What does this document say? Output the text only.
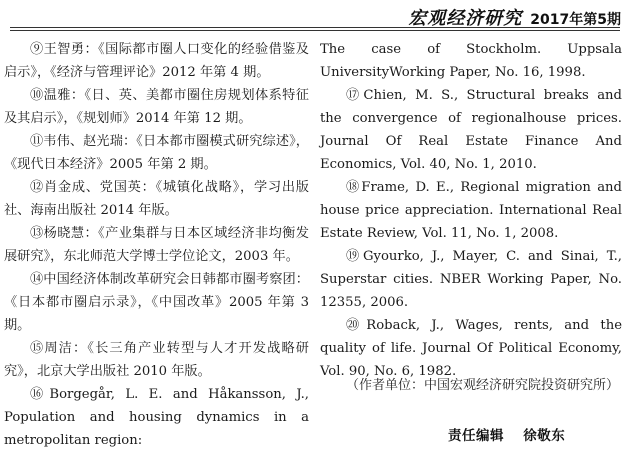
宏观经济研究 2017年第5期

⑨王智勇：《国际都市圈人口变化的经验借鉴及启示》，《经济与管理评论》2012 年第 4 期。

⑩温雅：《日、英、美都市圈住房规划体系特征及其启示》，《规划师》2014 年第 12 期。

⑪韦伟、赵光瑞：《日本都市圈模式研究综述》，《现代日本经济》2005 年第 2 期。

⑫肖金成、党国英：《城镇化战略》，学习出版社、海南出版社 2014 年版。

⑬杨晓慧：《产业集群与日本区域经济非均衡发展研究》，东北师范大学博士学位论文，2003 年。

⑭中国经济体制改革研究会日韩都市圈考察团：《日本都市圈启示录》，《中国改革》2005 年第 3 期。

⑮周洁：《长三角产业转型与人才开发战略研究》，北京大学出版社 2010 年版。

⑯Borgegår, L. E. and Håkansson, J., Population and housing dynamics in a metropolitan region:

The case of Stockholm. Uppsala UniversityWorking Paper, No. 16, 1998.

⑰Chien, M. S., Structural breaks and the convergence of regionalhouse prices. Journal Of Real Estate Finance And Economics, Vol. 40, No. 1, 2010.

⑱Frame, D. E., Regional migration and house price appreciation. International Real Estate Review, Vol. 11, No. 1, 2008.

⑲Gyourko, J., Mayer, C. and Sinai, T., Superstar cities. NBER Working Paper, No. 12355, 2006.

⑳Roback, J., Wages, rents, and the quality of life. Journal Of Political Economy, Vol. 90, No. 6, 1982.

（作者单位：中国宏观经济研究院投资研究所）

责任编辑 徐敬东
